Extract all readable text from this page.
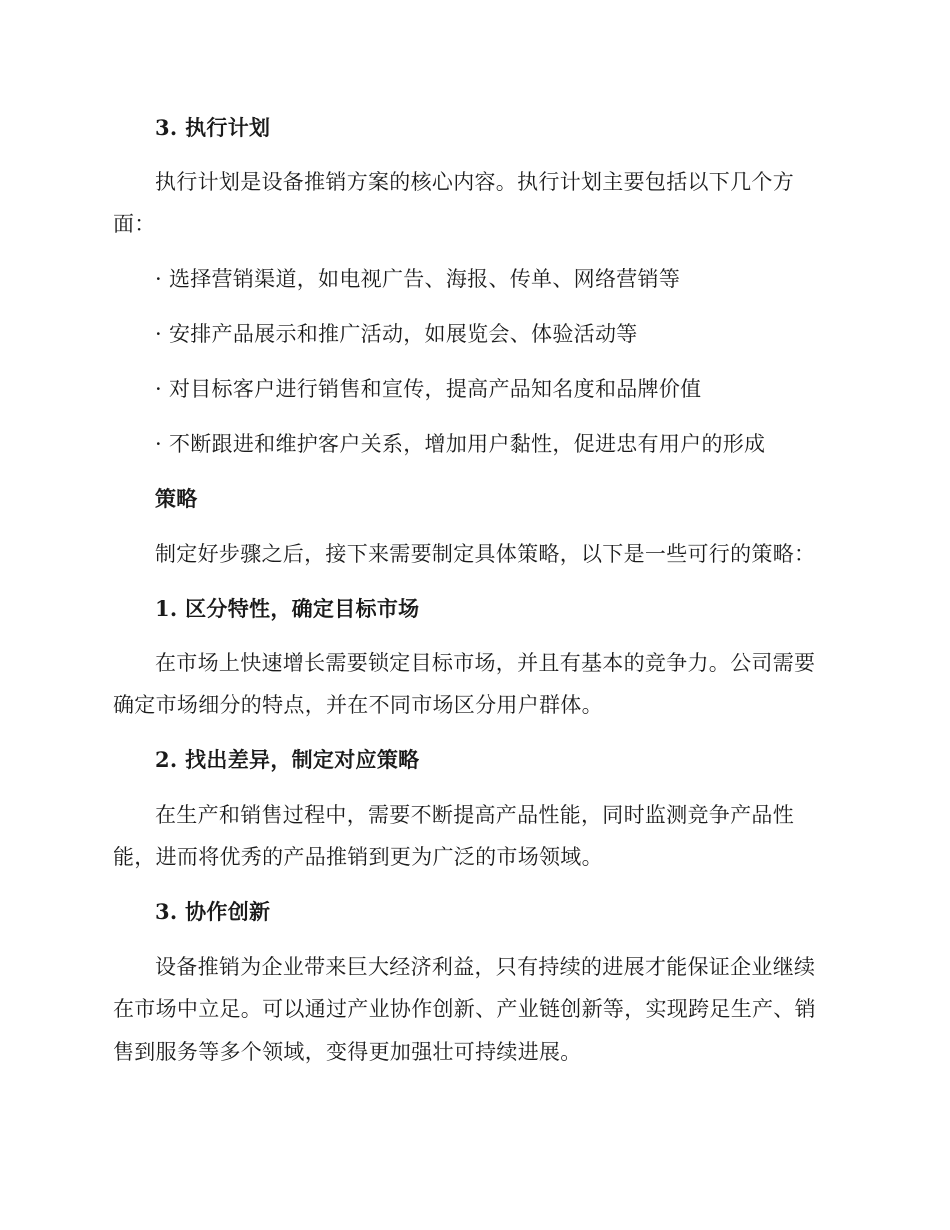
3. 执行计划
执行计划是设备推销方案的核心内容。执行计划主要包括以下几个方
面：
· 选择营销渠道，如电视广告、海报、传单、网络营销等
· 安排产品展示和推广活动，如展览会、体验活动等
· 对目标客户进行销售和宣传，提高产品知名度和品牌价值
· 不断跟进和维护客户关系，增加用户黏性，促进忠有用户的形成
策略
制定好步骤之后，接下来需要制定具体策略，以下是一些可行的策略：
1. 区分特性，确定目标市场
在市场上快速增长需要锁定目标市场，并且有基本的竞争力。公司需要
确定市场细分的特点，并在不同市场区分用户群体。
2. 找出差异，制定对应策略
在生产和销售过程中，需要不断提高产品性能，同时监测竞争产品性
能，进而将优秀的产品推销到更为广泛的市场领域。
3. 协作创新
设备推销为企业带来巨大经济利益，只有持续的进展才能保证企业继续
在市场中立足。可以通过产业协作创新、产业链创新等，实现跨足生产、销
售到服务等多个领域，变得更加强壮可持续进展。
